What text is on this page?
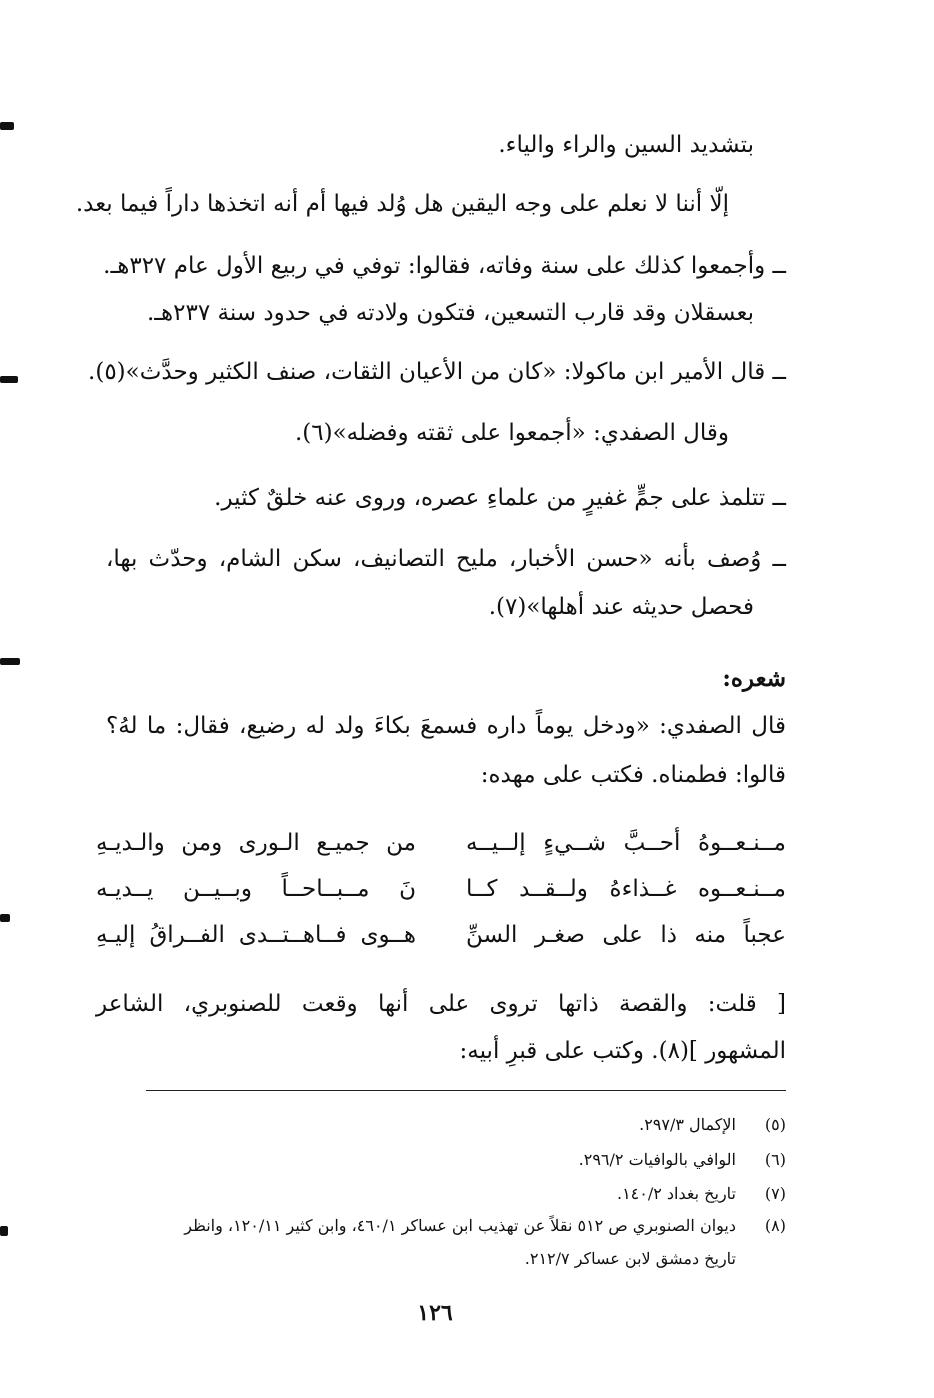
بتشديد السين والراء والياء.
إلّا أننا لا نعلم على وجه اليقين هل وُلد فيها أم أنه اتخذها داراً فيما بعد.
ــ وأجمعوا كذلك على سنة وفاته، فقالوا: توفي في ربيع الأول عام ٣٢٧هـ.
بعسقلان وقد قارب التسعين، فتكون ولادته في حدود سنة ٢٣٧هـ.
ــ قال الأمير ابن ماكولا: «كان من الأعيان الثقات، صنف الكثير وحدَّث»(٥).
وقال الصفدي: «أجمعوا على ثقته وفضله»(٦).
ــ تتلمذ على جمٍّ غفيرٍ من علماءِ عصره، وروى عنه خلقٌ كثير.
ــ وُصف بأنه «حسن الأخبار، مليح التصانيف، سكن الشام، وحدّث بها،
فحصل حديثه عند أهلها»(٧).
شعره:
قال الصفدي: «ودخل يوماً داره فسمعَ بكاءَ ولد له رضيع، فقال: ما لهُ؟
قالوا: فطمناه. فكتب على مهده:
مــنـعــوهُ أحــبَّ شــيءٍ إلــيــه
من جميـع الـورى ومن والـديـهِ
مــنـعــوه غــذاءهُ ولــقــد كــا
نَ مــبــاحــاً وبــيــن يــديـه
عجباً منه ذا على صغـر السنِّ
هــوى فــاهــتــدى الفــراقُ إليـهِ
[ قلت: والقصة ذاتها تروى على أنها وقعت للصنوبري، الشاعر
المشهور ](٨). وكتب على قبرِ أبيه:
(٥)
الإكمال ٢٩٧/٣.
(٦)
الوافي بالوافيات ٢٩٦/٢.
(٧)
تاريخ بغداد ١٤٠/٢.
(٨)
ديوان الصنوبري ص ٥١٢ نقلاً عن تهذيب ابن عساكر ٤٦٠/١، وابن كثير ١٢٠/١١، وانظر
تاريخ دمشق لابن عساكر ٢١٢/٧.
١٢٦
